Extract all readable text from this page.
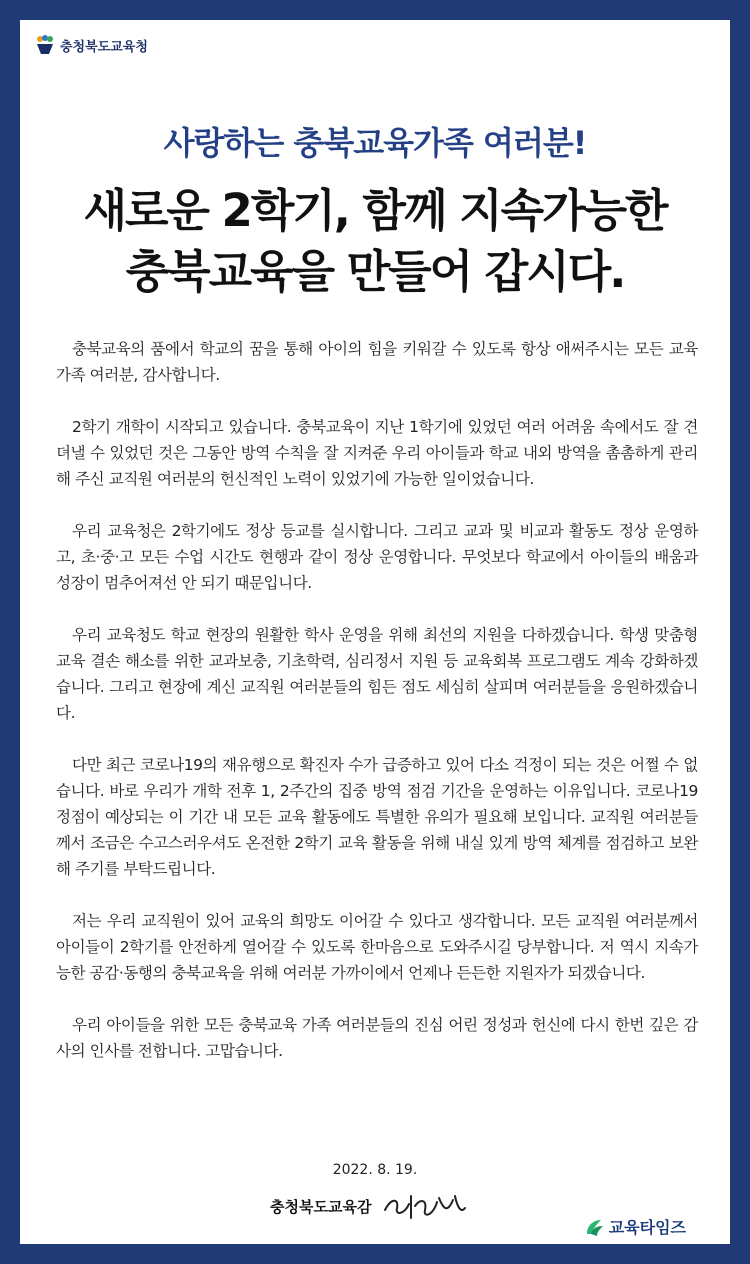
충청북도교육청
사랑하는 충북교육가족 여러분!
새로운 2학기, 함께 지속가능한
충북교육을 만들어 갑시다.

충북교육의 품에서 학교의 꿈을 통해 아이의 힘을 키워갈 수 있도록 항상 애써주시는 모든 교육 가족 여러분, 감사합니다.

2학기 개학이 시작되고 있습니다. 충북교육이 지난 1학기에 있었던 여러 어려움 속에서도 잘 견뎌낼 수 있었던 것은 그동안 방역 수칙을 잘 지켜준 우리 아이들과 학교 내외 방역을 촘촘하게 관리해 주신 교직원 여러분의 헌신적인 노력이 있었기에 가능한 일이었습니다.

우리 교육청은 2학기에도 정상 등교를 실시합니다. 그리고 교과 및 비교과 활동도 정상 운영하고, 초·중·고 모든 수업 시간도 현행과 같이 정상 운영합니다. 무엇보다 학교에서 아이들의 배움과 성장이 멈추어져선 안 되기 때문입니다.

우리 교육청도 학교 현장의 원활한 학사 운영을 위해 최선의 지원을 다하겠습니다. 학생 맞춤형 교육 결손 해소를 위한 교과보충, 기초학력, 심리정서 지원 등 교육회복 프로그램도 계속 강화하겠습니다. 그리고 현장에 계신 교직원 여러분들의 힘든 점도 세심히 살피며 여러분들을 응원하겠습니다.

다만 최근 코로나19의 재유행으로 확진자 수가 급증하고 있어 다소 걱정이 되는 것은 어쩔 수 없습니다. 바로 우리가 개학 전후 1, 2주간의 집중 방역 점검 기간을 운영하는 이유입니다. 코로나19 정점이 예상되는 이 기간 내 모든 교육 활동에도 특별한 유의가 필요해 보입니다. 교직원 여러분들께서 조금은 수고스러우셔도 온전한 2학기 교육 활동을 위해 내실 있게 방역 체계를 점검하고 보완해 주기를 부탁드립니다.

저는 우리 교직원이 있어 교육의 희망도 이어갈 수 있다고 생각합니다. 모든 교직원 여러분께서 아이들이 2학기를 안전하게 열어갈 수 있도록 한마음으로 도와주시길 당부합니다. 저 역시 지속가능한 공감·동행의 충북교육을 위해 여러분 가까이에서 언제나 든든한 지원자가 되겠습니다.

우리 아이들을 위한 모든 충북교육 가족 여러분들의 진심 어린 정성과 헌신에 다시 한번 깊은 감사의 인사를 전합니다. 고맙습니다.

2022. 8. 19.
충청북도교육감
교육타임즈
